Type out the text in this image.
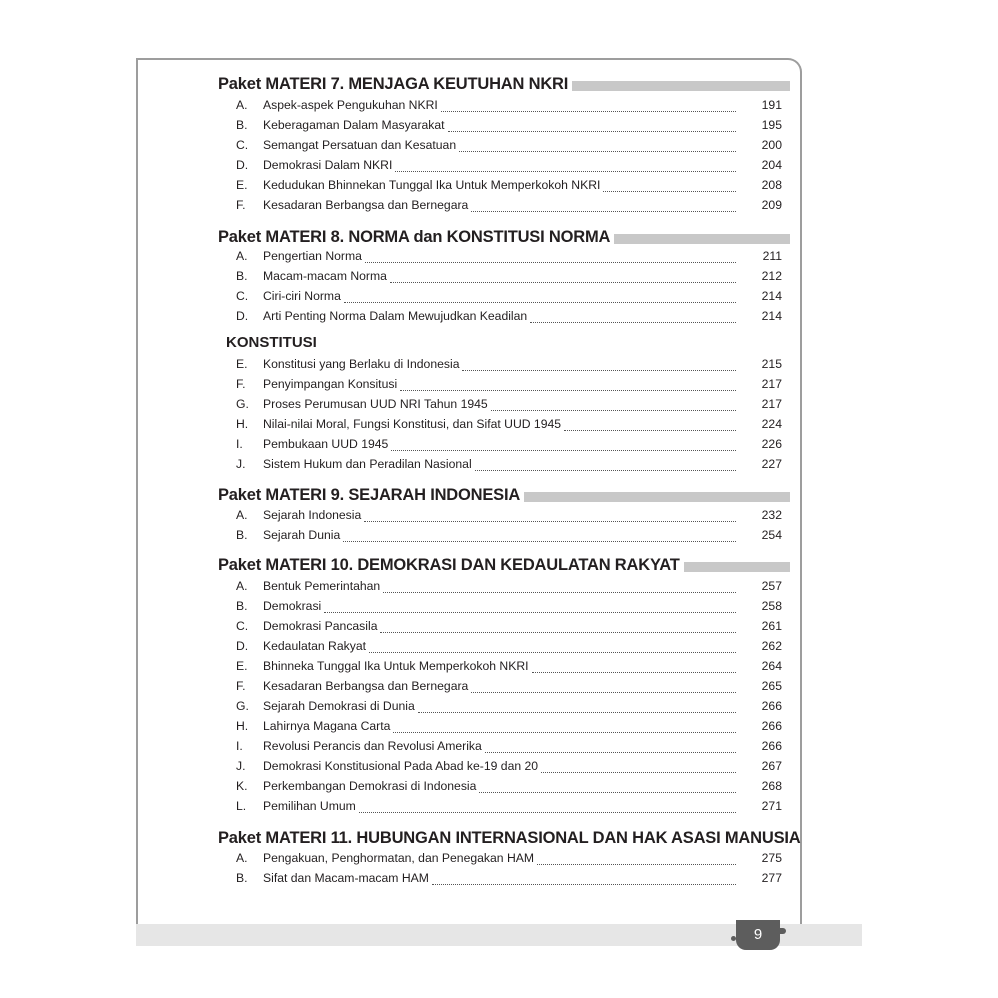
9
Paket MATERI 7. MENJAGA KEUTUHAN NKRI
A.	Aspek-aspek Pengukuhan NKRI	191
B.	Keberagaman Dalam Masyarakat	195
C.	Semangat Persatuan dan Kesatuan	200
D.	Demokrasi Dalam NKRI	204
E.	Kedudukan Bhinnekan Tunggal Ika Untuk Memperkokoh NKRI	208
F.	Kesadaran Berbangsa dan Bernegara	209
Paket MATERI 8. NORMA dan KONSTITUSI NORMA
A.	Pengertian Norma	211
B.	Macam-macam Norma	212
C.	Ciri-ciri Norma	214
D.	Arti Penting Norma Dalam Mewujudkan Keadilan	214
KONSTITUSI
E.	Konstitusi yang Berlaku di Indonesia	215
F.	Penyimpangan Konsitusi	217
G.	Proses Perumusan UUD NRI Tahun 1945	217
H.	Nilai-nilai Moral, Fungsi Konstitusi, dan Sifat UUD 1945	224
I.	Pembukaan UUD 1945	226
J.	Sistem Hukum dan Peradilan Nasional	227
Paket MATERI 9. SEJARAH INDONESIA
A.	Sejarah Indonesia	232
B.	Sejarah Dunia	254
Paket MATERI 10. DEMOKRASI DAN KEDAULATAN RAKYAT
A.	Bentuk Pemerintahan	257
B.	Demokrasi	258
C.	Demokrasi Pancasila	261
D.	Kedaulatan Rakyat	262
E.	Bhinneka Tunggal Ika Untuk Memperkokoh NKRI	264
F.	Kesadaran Berbangsa dan Bernegara	265
G.	Sejarah Demokrasi di Dunia	266
H.	Lahirnya Magana Carta	266
I.	Revolusi Perancis dan Revolusi Amerika	266
J.	Demokrasi Konstitusional Pada Abad ke-19 dan 20	267
K.	Perkembangan Demokrasi di Indonesia	268
L.	Pemilihan Umum	271
Paket MATERI 11. HUBUNGAN INTERNASIONAL DAN HAK ASASI MANUSIA
A.	Pengakuan, Penghormatan, dan Penegakan HAM	275
B.	Sifat dan Macam-macam HAM	277
